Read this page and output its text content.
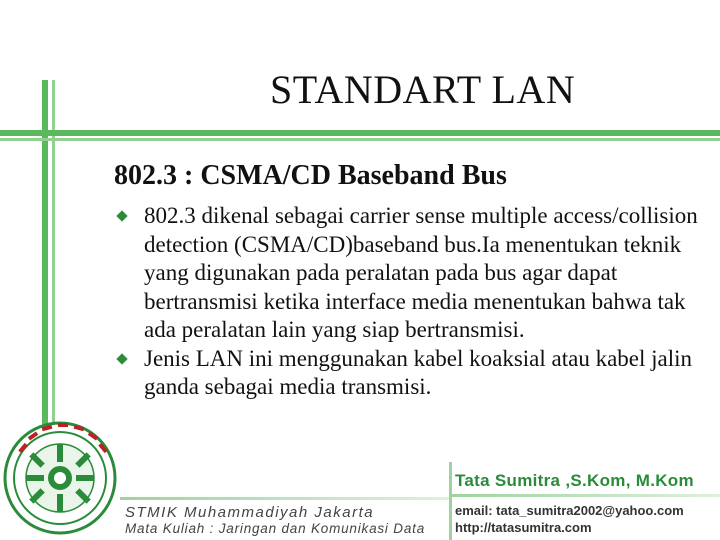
STANDART LAN
802.3 : CSMA/CD Baseband Bus
802.3 dikenal sebagai carrier sense multiple access/collision detection (CSMA/CD)baseband bus.Ia menentukan teknik yang digunakan pada peralatan pada bus agar dapat bertransmisi ketika interface media menentukan bahwa tak ada peralatan lain yang siap bertransmisi.
Jenis LAN ini menggunakan kabel koaksial atau kabel jalin ganda sebagai media transmisi.
Tata Sumitra ,S.Kom, M.Kom
STMIK Muhammadiyah Jakarta
Mata Kuliah : Jaringan dan Komunikasi Data
email: tata_sumitra2002@yahoo.com
http://tatasumitra.com
